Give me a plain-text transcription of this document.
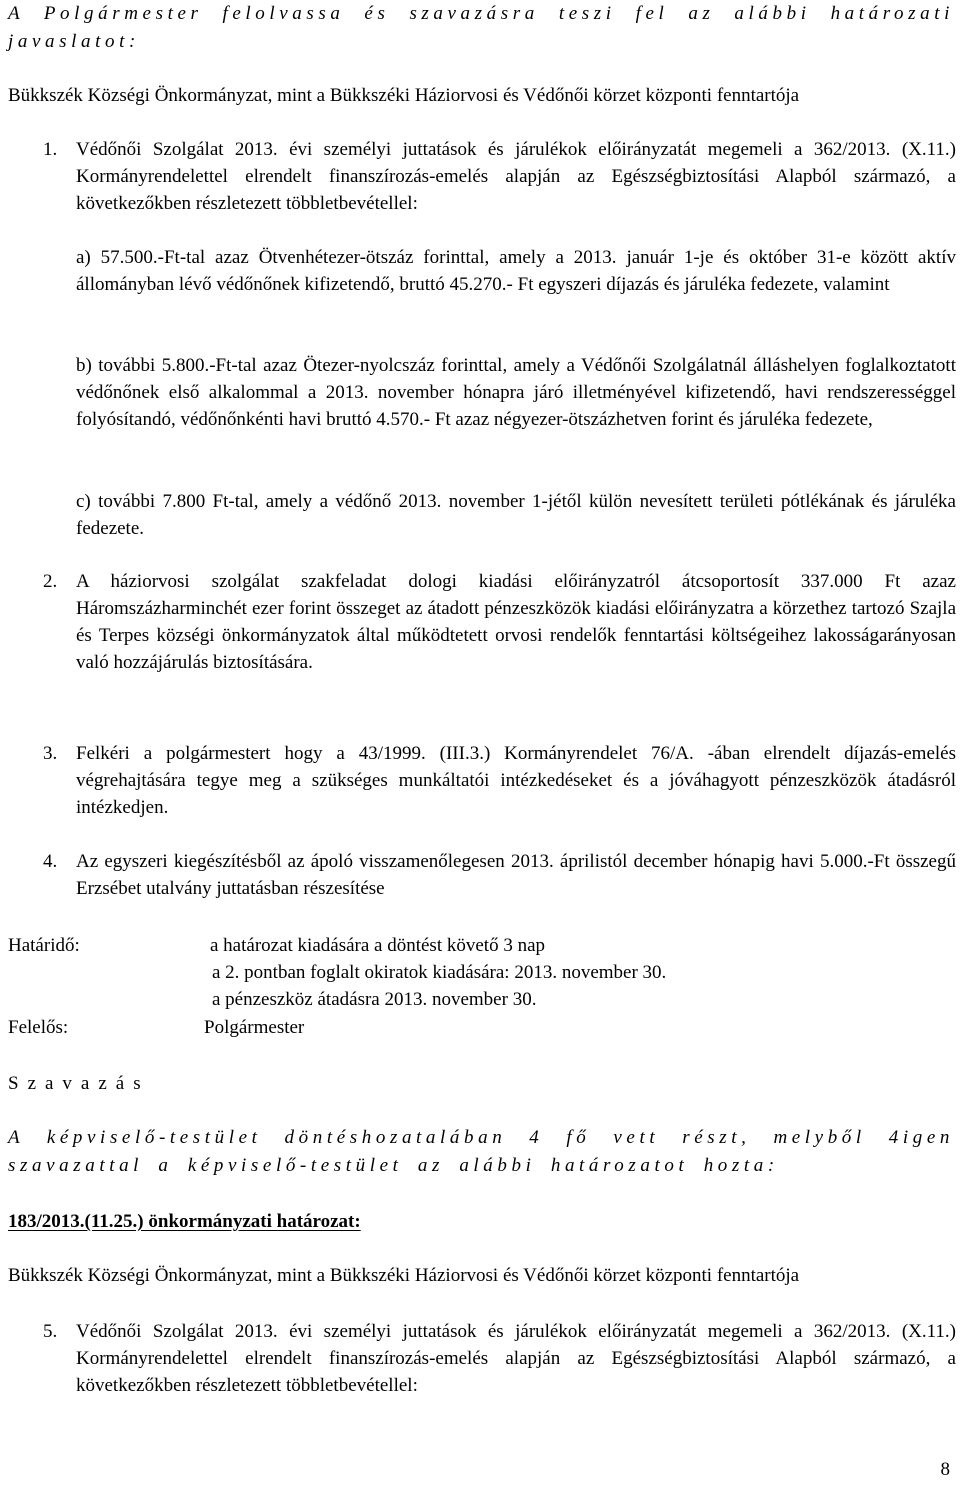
A Polgármester felolvassa és szavazásra teszi fel az alábbi határozati javaslatot:

Bükkszék Községi Önkormányzat, mint a Bükkszéki Háziorvosi és Védőnői körzet központi fenntartója

1. Védőnői Szolgálat 2013. évi személyi juttatások és járulékok előirányzatát megemeli a 362/2013. (X.11.) Kormányrendelettel elrendelt finanszírozás-emelés alapján az Egészségbiztosítási Alapból származó, a következőkben részletezett többletbevétellel:

a) 57.500.-Ft-tal azaz Ötvenhétezer-ötszáz forinttal, amely a 2013. január 1-je és október 31-e között aktív állományban lévő védőnőnek kifizetendő, bruttó 45.270.- Ft egyszeri díjazás és járuléka fedezete, valamint

b) további 5.800.-Ft-tal azaz Ötezer-nyolcszáz forinttal, amely a Védőnői Szolgálatnál álláshelyen foglalkoztatott védőnőnek első alkalommal a 2013. november hónapra járó illetményével kifizetendő, havi rendszerességgel folyósítandó, védőnőnkénti havi bruttó 4.570.- Ft azaz négyezer-ötszázhetven forint és járuléka fedezete,

c) további 7.800 Ft-tal, amely a védőnő 2013. november 1-jétől külön nevesített területi pótlékának és járuléka fedezete.

2. A háziorvosi szolgálat szakfeladat dologi kiadási előirányzatról átcsoportosít 337.000 Ft azaz Háromszázharminchét ezer forint összeget az átadott pénzeszközök kiadási előirányzatra a körzethez tartozó Szajla és Terpes községi önkormányzatok által működtetett orvosi rendelők fenntartási költségeihez lakosságarányosan való hozzájárulás biztosítására.

3. Felkéri a polgármestert hogy a 43/1999. (III.3.) Kormányrendelet 76/A. -ában elrendelt díjazás-emelés végrehajtására tegye meg a szükséges munkáltatói intézkedéseket és a jóváhagyott pénzeszközök átadásról intézkedjen.

4. Az egyszeri kiegészítésből az ápoló visszamenőlegesen 2013. áprilistól december hónapig havi 5.000.-Ft összegű Erzsébet utalvány juttatásban részesítése

Határidő:	a határozat kiadására a döntést követő 3 nap
a 2. pontban foglalt okiratok kiadására: 2013. november 30.
a pénzeszköz átadásra 2013. november 30.
Felelős:	Polgármester

Szavazás

A képviselő-testület döntéshozatalában 4 fő vett részt, melyből 4igen szavazattal a képviselő-testület az alábbi határozatot hozta:

183/2013.(11.25.) önkormányzati határozat:

Bükkszék Községi Önkormányzat, mint a Bükkszéki Háziorvosi és Védőnői körzet központi fenntartója

5. Védőnői Szolgálat 2013. évi személyi juttatások és járulékok előirányzatát megemeli a 362/2013. (X.11.) Kormányrendelettel elrendelt finanszírozás-emelés alapján az Egészségbiztosítási Alapból származó, a következőkben részletezett többletbevétellel:

8
